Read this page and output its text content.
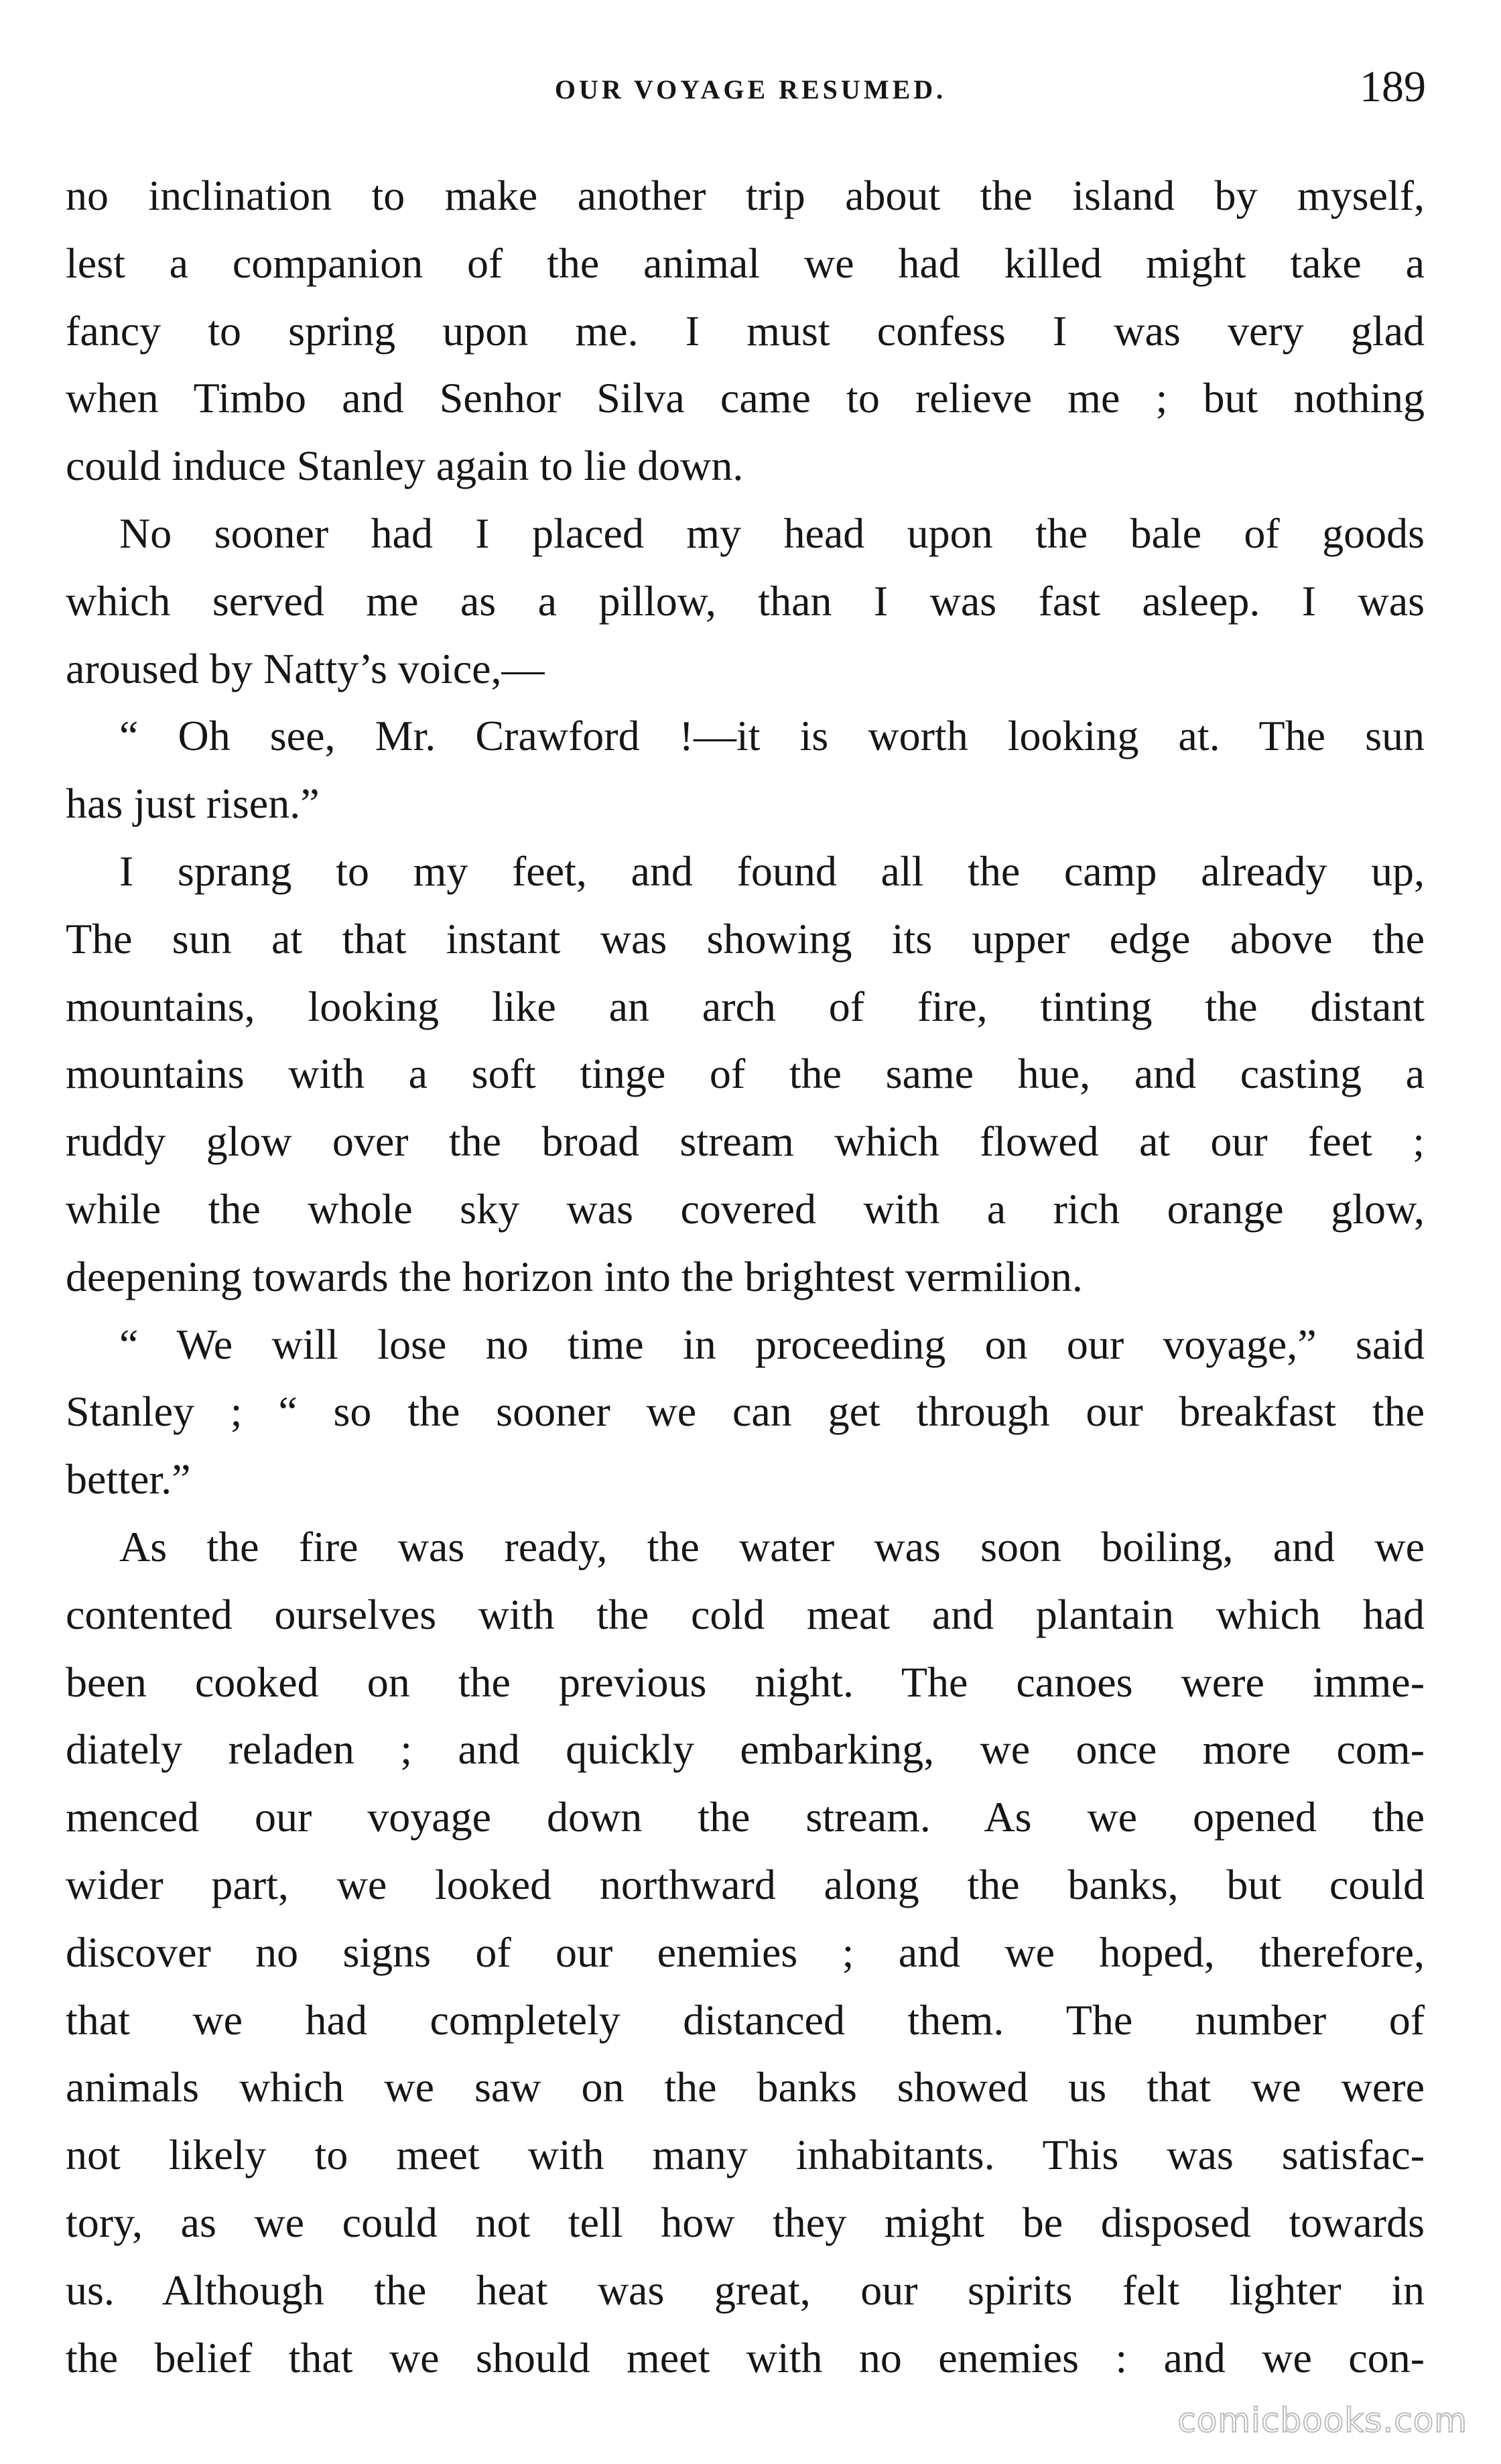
OUR VOYAGE RESUMED.	189
no inclination to make another trip about the island by myself,
lest a companion of the animal we had killed might take a
fancy to spring upon me. I must confess I was very glad
when Timbo and Senhor Silva came to relieve me ; but nothing
could induce Stanley again to lie down.
No sooner had I placed my head upon the bale of goods
which served me as a pillow, than I was fast asleep. I was
aroused by Natty’s voice,—
“ Oh see, Mr. Crawford !—it is worth looking at. The sun
has just risen.”
I sprang to my feet, and found all the camp already up,
The sun at that instant was showing its upper edge above the
mountains, looking like an arch of fire, tinting the distant
mountains with a soft tinge of the same hue, and casting a
ruddy glow over the broad stream which flowed at our feet ;
while the whole sky was covered with a rich orange glow,
deepening towards the horizon into the brightest vermilion.
“ We will lose no time in proceeding on our voyage,” said
Stanley ; “ so the sooner we can get through our breakfast the
better.”
As the fire was ready, the water was soon boiling, and we
contented ourselves with the cold meat and plantain which had
been cooked on the previous night. The canoes were imme-
diately reladen ; and quickly embarking, we once more com-
menced our voyage down the stream. As we opened the
wider part, we looked northward along the banks, but could
discover no signs of our enemies ; and we hoped, therefore,
that we had completely distanced them. The number of
animals which we saw on the banks showed us that we were
not likely to meet with many inhabitants. This was satisfac-
tory, as we could not tell how they might be disposed towards
us. Although the heat was great, our spirits felt lighter in
the belief that we should meet with no enemies : and we con-
comicbooks.com
